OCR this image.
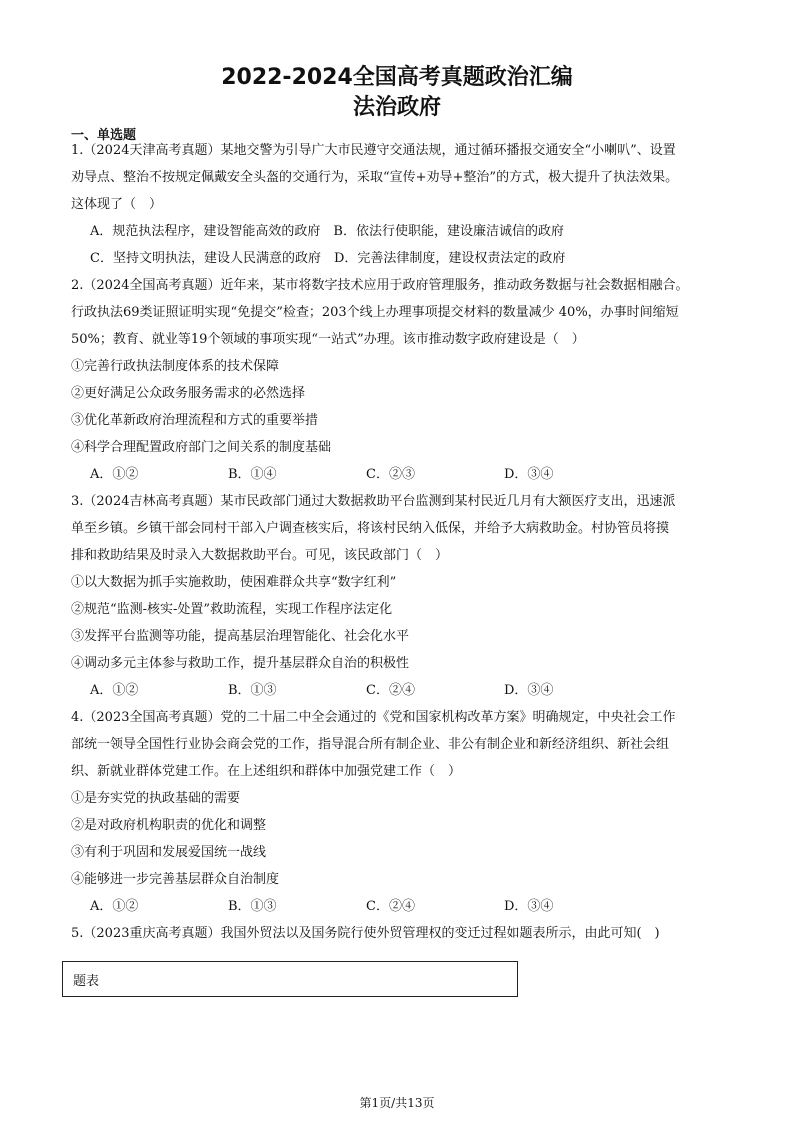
2022-2024全国高考真题政治汇编
法治政府
一、单选题
1.（2024天津高考真题）某地交警为引导广大市民遵守交通法规，通过循环播报交通安全“小喇叭”、设置
劝导点、整治不按规定佩戴安全头盔的交通行为，采取“宣传+劝导+整治”的方式，极大提升了执法效果。
这体现了（　）
A．规范执法程序，建设智能高效的政府　B．依法行使职能，建设廉洁诚信的政府
C．坚持文明执法，建设人民满意的政府　D．完善法律制度，建设权责法定的政府
2.（2024全国高考真题）近年来，某市将数字技术应用于政府管理服务，推动政务数据与社会数据相融合。
行政执法69类证照证明实现“免提交”检查；203个线上办理事项提交材料的数量减少 40%，办事时间缩短
50%；教育、就业等19个领域的事项实现“一站式”办理。该市推动数字政府建设是（　）
①完善行政执法制度体系的技术保障
②更好满足公众政务服务需求的必然选择
③优化革新政府治理流程和方式的重要举措
④科学合理配置政府部门之间关系的制度基础
A．①②	B．①④	C．②③	D．③④
3.（2024吉林高考真题）某市民政部门通过大数据救助平台监测到某村民近几月有大额医疗支出，迅速派
单至乡镇。乡镇干部会同村干部入户调查核实后，将该村民纳入低保，并给予大病救助金。村协管员将摸
排和救助结果及时录入大数据救助平台。可见，该民政部门（　）
①以大数据为抓手实施救助，使困难群众共享“数字红利”
②规范“监测-核实-处置”救助流程，实现工作程序法定化
③发挥平台监测等功能，提高基层治理智能化、社会化水平
④调动多元主体参与救助工作，提升基层群众自治的积极性
A．①②	B．①③	C．②④	D．③④
4.（2023全国高考真题）党的二十届二中全会通过的《党和国家机构改革方案》明确规定，中央社会工作
部统一领导全国性行业协会商会党的工作，指导混合所有制企业、非公有制企业和新经济组织、新社会组
织、新就业群体党建工作。在上述组织和群体中加强党建工作（　）
①是夯实党的执政基础的需要
②是对政府机构职责的优化和调整
③有利于巩固和发展爱国统一战线
④能够进一步完善基层群众自治制度
A．①②	B．①③	C．②④	D．③④
5.（2023重庆高考真题）我国外贸法以及国务院行使外贸管理权的变迁过程如题表所示，由此可知(　)
题表
第1页/共13页
